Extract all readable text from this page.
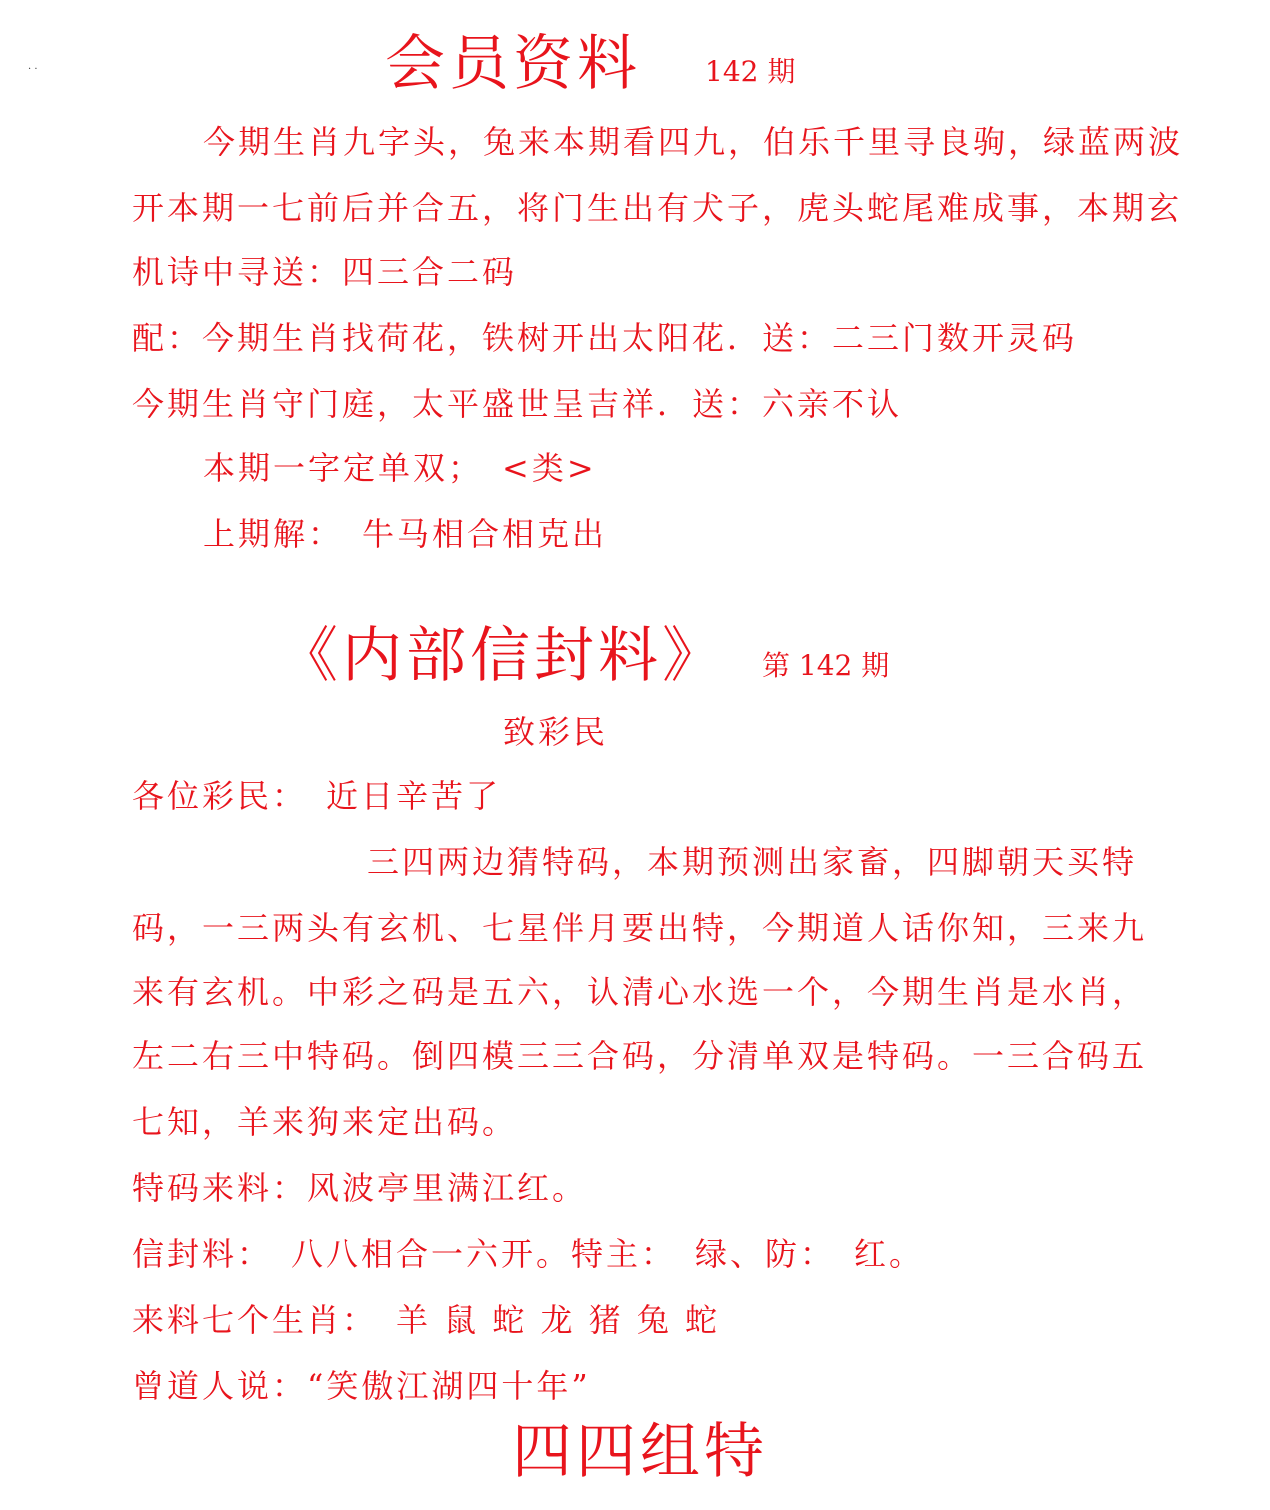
· ·	会员资料 142 期
今期生肖九字头，兔来本期看四九，伯乐千里寻良驹，绿蓝两波
开本期一七前后并合五，将门生出有犬子，虎头蛇尾难成事，本期玄
机诗中寻送：四三合二码
配：今期生肖找荷花，铁树开出太阳花．送：二三门数开灵码
今期生肖守门庭，太平盛世呈吉祥．送：六亲不认
本期一字定单双；　<类>
上期解：　牛马相合相克出
《内部信封料》 第 142 期
致彩民
各位彩民：　近日辛苦了
三四两边猜特码，本期预测出家畜，四脚朝天买特
码，一三两头有玄机、七星伴月要出特，今期道人话你知，三来九
来有玄机。中彩之码是五六，认清心水选一个，今期生肖是水肖，
左二右三中特码。倒四模三三合码，分清单双是特码。一三合码五
七知，羊来狗来定出码。
特码来料：风波亭里满江红。
信封料：　八八相合一六开。特主：　绿、防：　红。
来料七个生肖：　羊 鼠 蛇 龙 猪 兔 蛇
曾道人说：“笑傲江湖四十年”
四四组特
